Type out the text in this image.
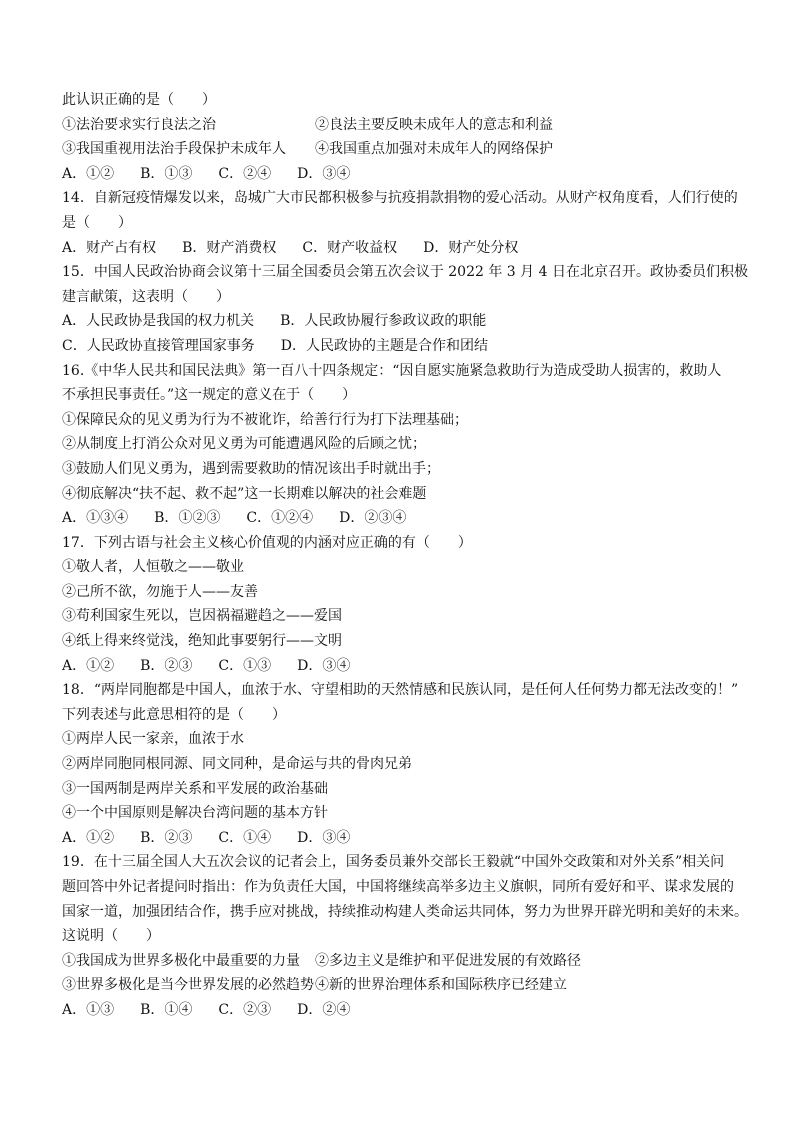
此认识正确的是（　　）
①法治要求实行良法之治	②良法主要反映未成年人的意志和利益
③我国重视用法治手段保护未成年人	④我国重点加强对未成年人的网络保护
A．①② B．①③ C．②④ D．③④
14．自新冠疫情爆发以来，岛城广大市民都积极参与抗疫捐款捐物的爱心活动。从财产权角度看，人们行使的
是（　　）
A．财产占有权 B．财产消费权 C．财产收益权 D．财产处分权
15．中国人民政治协商会议第十三届全国委员会第五次会议于 2022 年 3 月 4 日在北京召开。政协委员们积极
建言献策，这表明（　　）
A．人民政协是我国的权力机关 B．人民政协履行参政议政的职能
C．人民政协直接管理国家事务 D．人民政协的主题是合作和团结
16.《中华人民共和国民法典》第一百八十四条规定：“因自愿实施紧急救助行为造成受助人损害的，救助人
不承担民事责任。”这一规定的意义在于（　　）
①保障民众的见义勇为行为不被讹诈，给善行行为打下法理基础；
②从制度上打消公众对见义勇为可能遭遇风险的后顾之忧；
③鼓励人们见义勇为，遇到需要救助的情况该出手时就出手；
④彻底解决“扶不起、救不起”这一长期难以解决的社会难题
A．①③④ B．①②③ C．①②④ D．②③④
17．下列古语与社会主义核心价值观的内涵对应正确的有（　　）
①敬人者，人恒敬之——敬业
②己所不欲，勿施于人——友善
③苟利国家生死以，岂因祸福避趋之——爱国
④纸上得来终觉浅，绝知此事要躬行——文明
A．①② B．②③ C．①③ D．③④
18．“两岸同胞都是中国人，血浓于水、守望相助的天然情感和民族认同，是任何人任何势力都无法改变的！”
下列表述与此意思相符的是（　　）
①两岸人民一家亲，血浓于水
②两岸同胞同根同源、同文同种，是命运与共的骨肉兄弟
③一国两制是两岸关系和平发展的政治基础
④一个中国原则是解决台湾问题的基本方针
A．①② B．②③ C．①④ D．③④
19．在十三届全国人大五次会议的记者会上，国务委员兼外交部长王毅就“中国外交政策和对外关系”相关问
题回答中外记者提问时指出：作为负责任大国，中国将继续高举多边主义旗帜，同所有爱好和平、谋求发展的
国家一道，加强团结合作，携手应对挑战，持续推动构建人类命运共同体，努力为世界开辟光明和美好的未来。
这说明（　　）
①我国成为世界多极化中最重要的力量	②多边主义是维护和平促进发展的有效路径
③世界多极化是当今世界发展的必然趋势 ④新的世界治理体系和国际秩序已经建立
A．①③ B．①④ C．②③ D．②④
